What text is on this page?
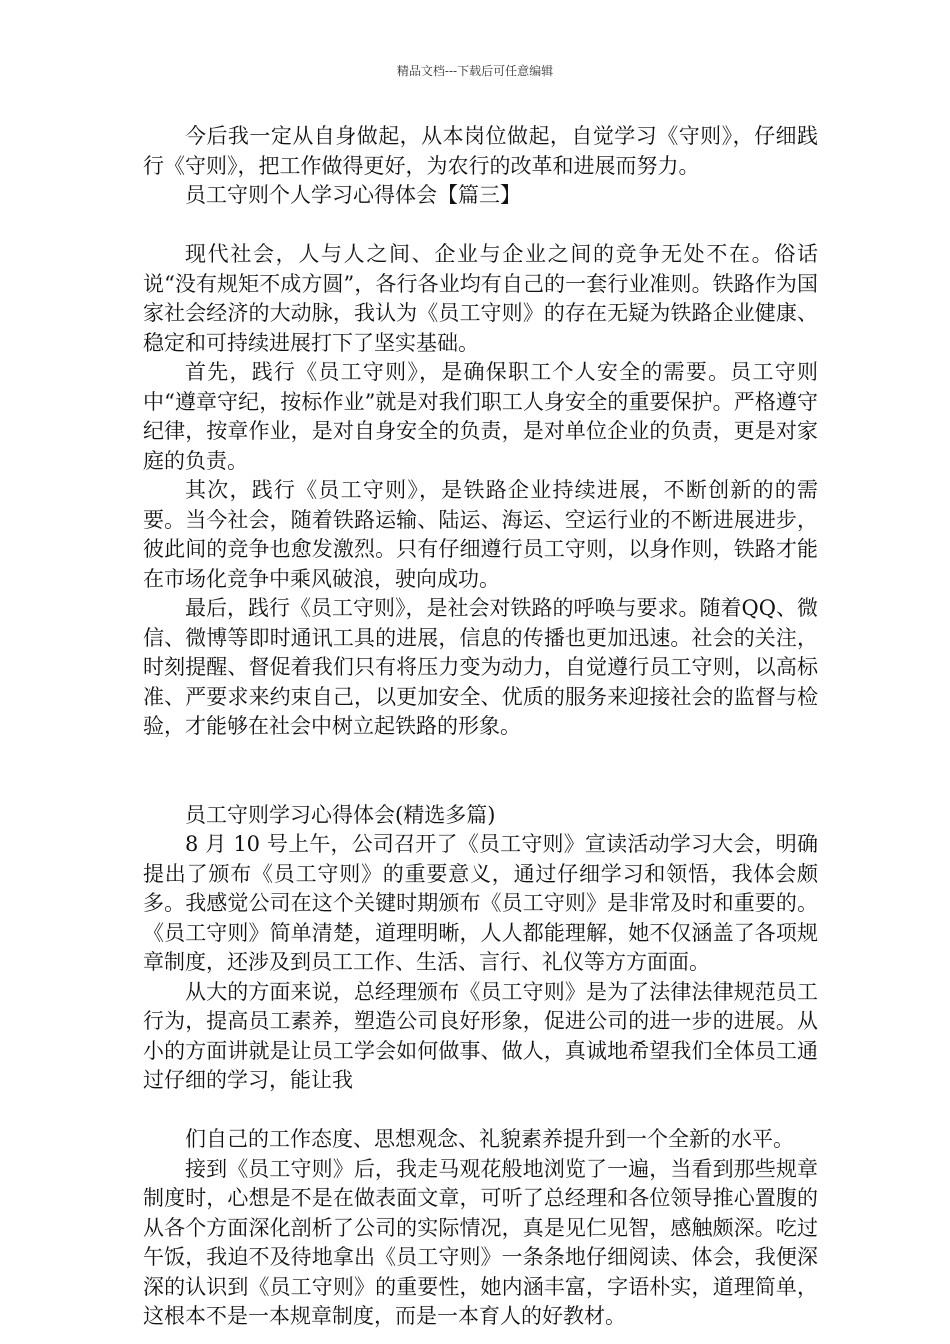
精品文档---下载后可任意编辑

今后我一定从自身做起，从本岗位做起，自觉学习《守则》，仔细践行《守则》，把工作做得更好，为农行的改革和进展而努力。

员工守则个人学习心得体会【篇三】

现代社会，人与人之间、企业与企业之间的竞争无处不在。俗话说“没有规矩不成方圆”，各行各业均有自己的一套行业准则。铁路作为国家社会经济的大动脉，我认为《员工守则》的存在无疑为铁路企业健康、稳定和可持续进展打下了坚实基础。

首先，践行《员工守则》，是确保职工个人安全的需要。员工守则中“遵章守纪，按标作业”就是对我们职工人身安全的重要保护。严格遵守纪律，按章作业，是对自身安全的负责，是对单位企业的负责，更是对家庭的负责。

其次，践行《员工守则》，是铁路企业持续进展，不断创新的的需要。当今社会，随着铁路运输、陆运、海运、空运行业的不断进展进步，彼此间的竞争也愈发激烈。只有仔细遵行员工守则，以身作则，铁路才能在市场化竞争中乘风破浪，驶向成功。

最后，践行《员工守则》，是社会对铁路的呼唤与要求。随着QQ、微信、微博等即时通讯工具的进展，信息的传播也更加迅速。社会的关注，时刻提醒、督促着我们只有将压力变为动力，自觉遵行员工守则，以高标准、严要求来约束自己，以更加安全、优质的服务来迎接社会的监督与检验，才能够在社会中树立起铁路的形象。

员工守则学习心得体会(精选多篇)

8 月 10 号上午，公司召开了《员工守则》宣读活动学习大会，明确提出了颁布《员工守则》的重要意义，通过仔细学习和领悟，我体会颇多。我感觉公司在这个关键时期颁布《员工守则》是非常及时和重要的。《员工守则》简单清楚，道理明晰，人人都能理解，她不仅涵盖了各项规章制度，还涉及到员工工作、生活、言行、礼仪等方方面面。

从大的方面来说，总经理颁布《员工守则》是为了法律法律规范员工行为，提高员工素养，塑造公司良好形象，促进公司的进一步的进展。从小的方面讲就是让员工学会如何做事、做人，真诚地希望我们全体员工通过仔细的学习，能让我

们自己的工作态度、思想观念、礼貌素养提升到一个全新的水平。

接到《员工守则》后，我走马观花般地浏览了一遍，当看到那些规章制度时，心想是不是在做表面文章，可听了总经理和各位领导推心置腹的从各个方面深化剖析了公司的实际情况，真是见仁见智，感触颇深。吃过午饭，我迫不及待地拿出《员工守则》一条条地仔细阅读、体会，我便深深的认识到《员工守则》的重要性，她内涵丰富，字语朴实，道理简单，这根本不是一本规章制度，而是一本育人的好教材。
